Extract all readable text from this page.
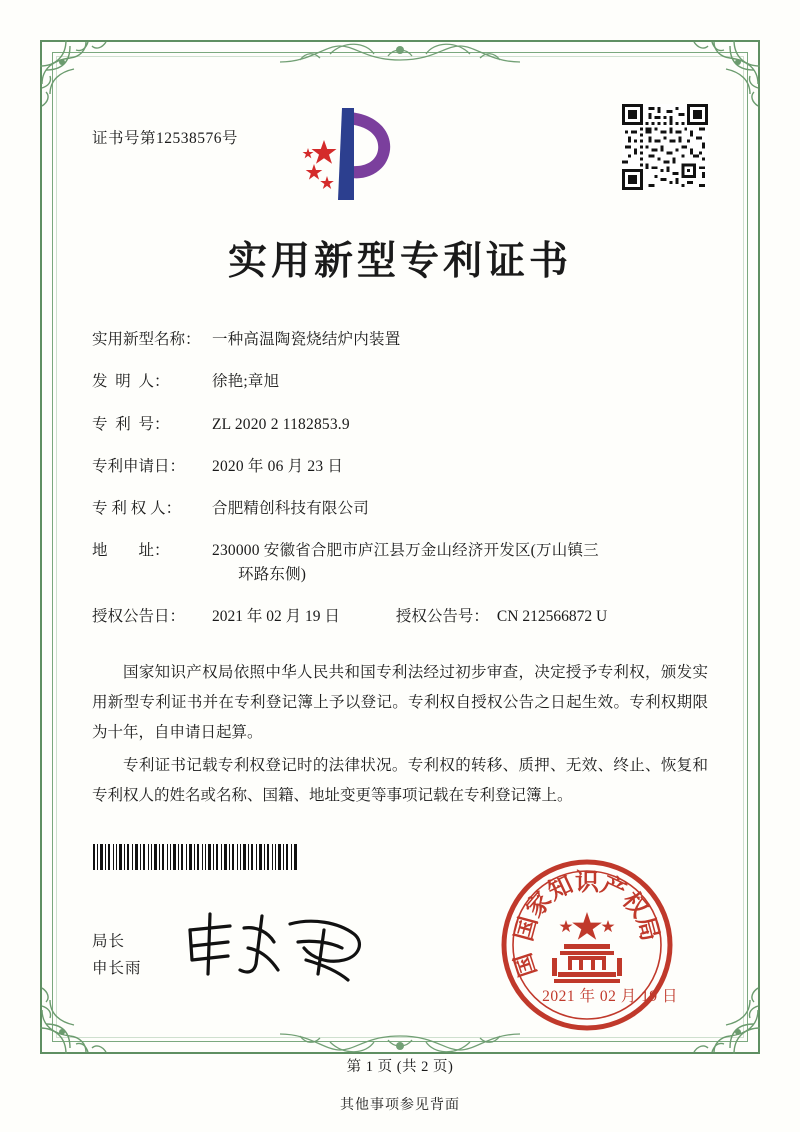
证书号第12538576号
实用新型专利证书
实用新型名称： 一种高温陶瓷烧结炉内装置
发  明  人：	徐艳;章旭
专  利  号：	ZL 2020 2 1182853.9
专利申请日：	2020 年 06 月 23 日
专 利 权 人：	合肥精创科技有限公司
地        址：	230000 安徽省合肥市庐江县万金山经济开发区(万山镇三
环路东侧)
授权公告日：	2021 年 02 月 19 日	授权公告号： CN 212566872 U

国家知识产权局依照中华人民共和国专利法经过初步审查，决定授予专利权，颁发实用新型专利证书并在专利登记簿上予以登记。专利权自授权公告之日起生效。专利权期限为十年，自申请日起算。

专利证书记载专利权登记时的法律状况。专利权的转移、质押、无效、终止、恢复和专利权人的姓名或名称、国籍、地址变更等事项记载在专利登记簿上。

局长
申长雨	国
国
家
知
识
产
权
局
2021 年 02 月 19 日
第 1 页 (共 2 页)
其他事项参见背面
